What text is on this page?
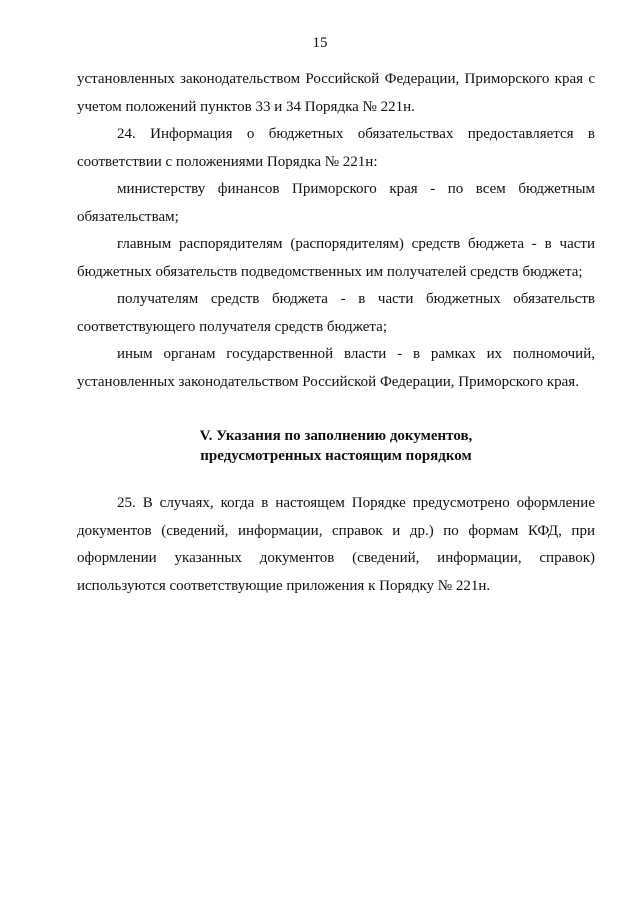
15

установленных законодательством Российской Федерации, Приморского края с учетом положений пунктов 33 и 34 Порядка № 221н.

24. Информация о бюджетных обязательствах предоставляется в соответствии с положениями Порядка № 221н:

министерству финансов Приморского края - по всем бюджетным обязательствам;

главным распорядителям (распорядителям) средств бюджета - в части бюджетных обязательств подведомственных им получателей средств бюджета;

получателям средств бюджета - в части бюджетных обязательств соответствующего получателя средств бюджета;

иным органам государственной власти - в рамках их полномочий, установленных законодательством Российской Федерации, Приморского края.

V. Указания по заполнению документов,

предусмотренных настоящим порядком

25. В случаях, когда в настоящем Порядке предусмотрено оформление документов (сведений, информации, справок и др.) по формам КФД, при оформлении указанных документов (сведений, информации, справок) используются соответствующие приложения к Порядку № 221н.
